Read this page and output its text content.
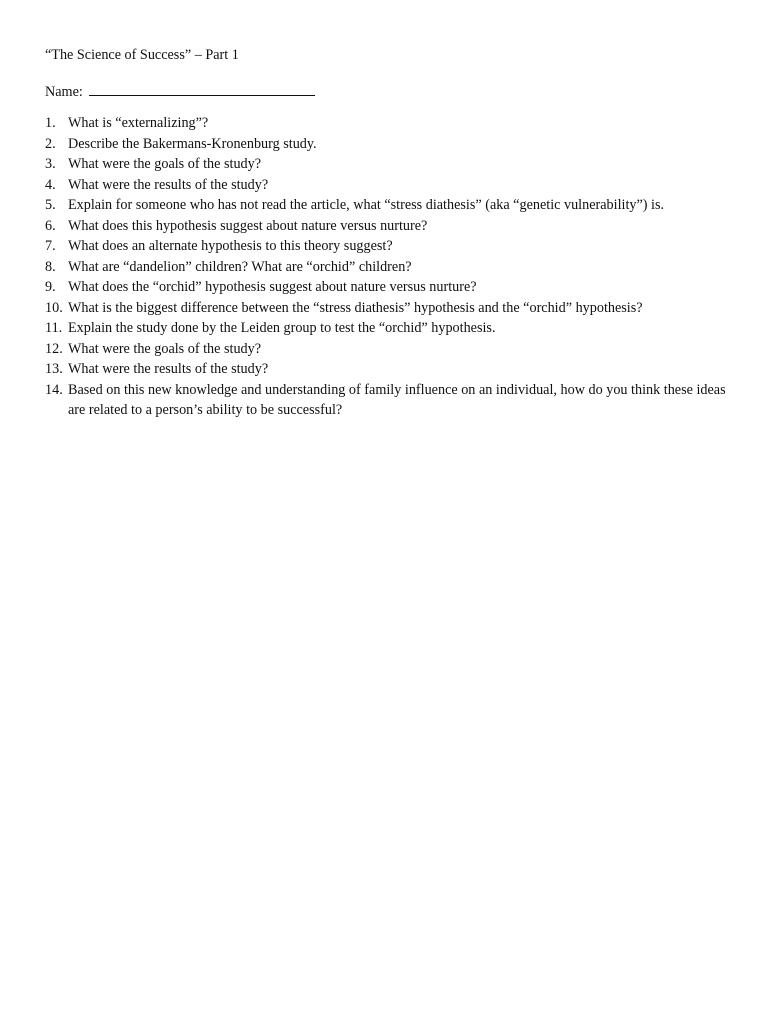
“The Science of Success” – Part 1
Name:
1. What is “externalizing”?
2. Describe the Bakermans-Kronenburg study.
3. What were the goals of the study?
4. What were the results of the study?
5. Explain for someone who has not read the article, what “stress diathesis” (aka “genetic vulnerability”) is.
6. What does this hypothesis suggest about nature versus nurture?
7. What does an alternate hypothesis to this theory suggest?
8. What are “dandelion” children? What are “orchid” children?
9. What does the “orchid” hypothesis suggest about nature versus nurture?
10. What is the biggest difference between the “stress diathesis” hypothesis and the “orchid” hypothesis?
11. Explain the study done by the Leiden group to test the “orchid” hypothesis.
12. What were the goals of the study?
13. What were the results of the study?
14. Based on this new knowledge and understanding of family influence on an individual, how do you think these ideas are related to a person’s ability to be successful?
